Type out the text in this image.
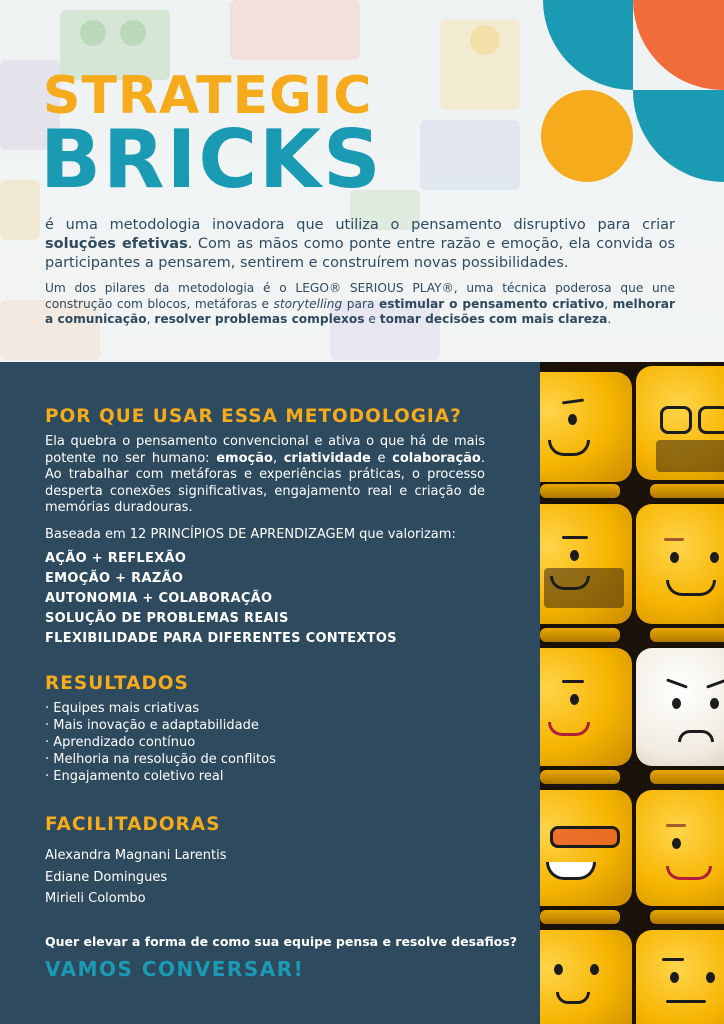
STRATEGIC
BRICKS

é uma metodologia inovadora que utiliza o pensamento disruptivo para criar soluções efetivas. Com as mãos como ponte entre razão e emoção, ela convida os participantes a pensarem, sentirem e construírem novas possibilidades.

Um dos pilares da metodologia é o LEGO® SERIOUS PLAY®, uma técnica poderosa que une construção com blocos, metáforas e storytelling para estimular o pensamento criativo, melhorar a comunicação, resolver problemas complexos e tomar decisões com mais clareza.

POR QUE USAR ESSA METODOLOGIA?

Ela quebra o pensamento convencional e ativa o que há de mais potente no ser humano: emoção, criatividade e colaboração. Ao trabalhar com metáforas e experiências práticas, o processo desperta conexões significativas, engajamento real e criação de memórias duradouras.

Baseada em 12 PRINCÍPIOS DE APRENDIZAGEM que valorizam:

AÇÃO + REFLEXÃO
EMOÇÃO + RAZÃO
AUTONOMIA + COLABORAÇÃO
SOLUÇÃO DE PROBLEMAS REAIS
FLEXIBILIDADE PARA DIFERENTES CONTEXTOS
RESULTADOS
· Equipes mais criativas
· Mais inovação e adaptabilidade
· Aprendizado contínuo
· Melhoria na resolução de conflitos
· Engajamento coletivo real
FACILITADORAS
Alexandra Magnani Larentis
Ediane Domingues
Mirieli Colombo

Quer elevar a forma de como sua equipe pensa e resolve desafios?

VAMOS CONVERSAR!
